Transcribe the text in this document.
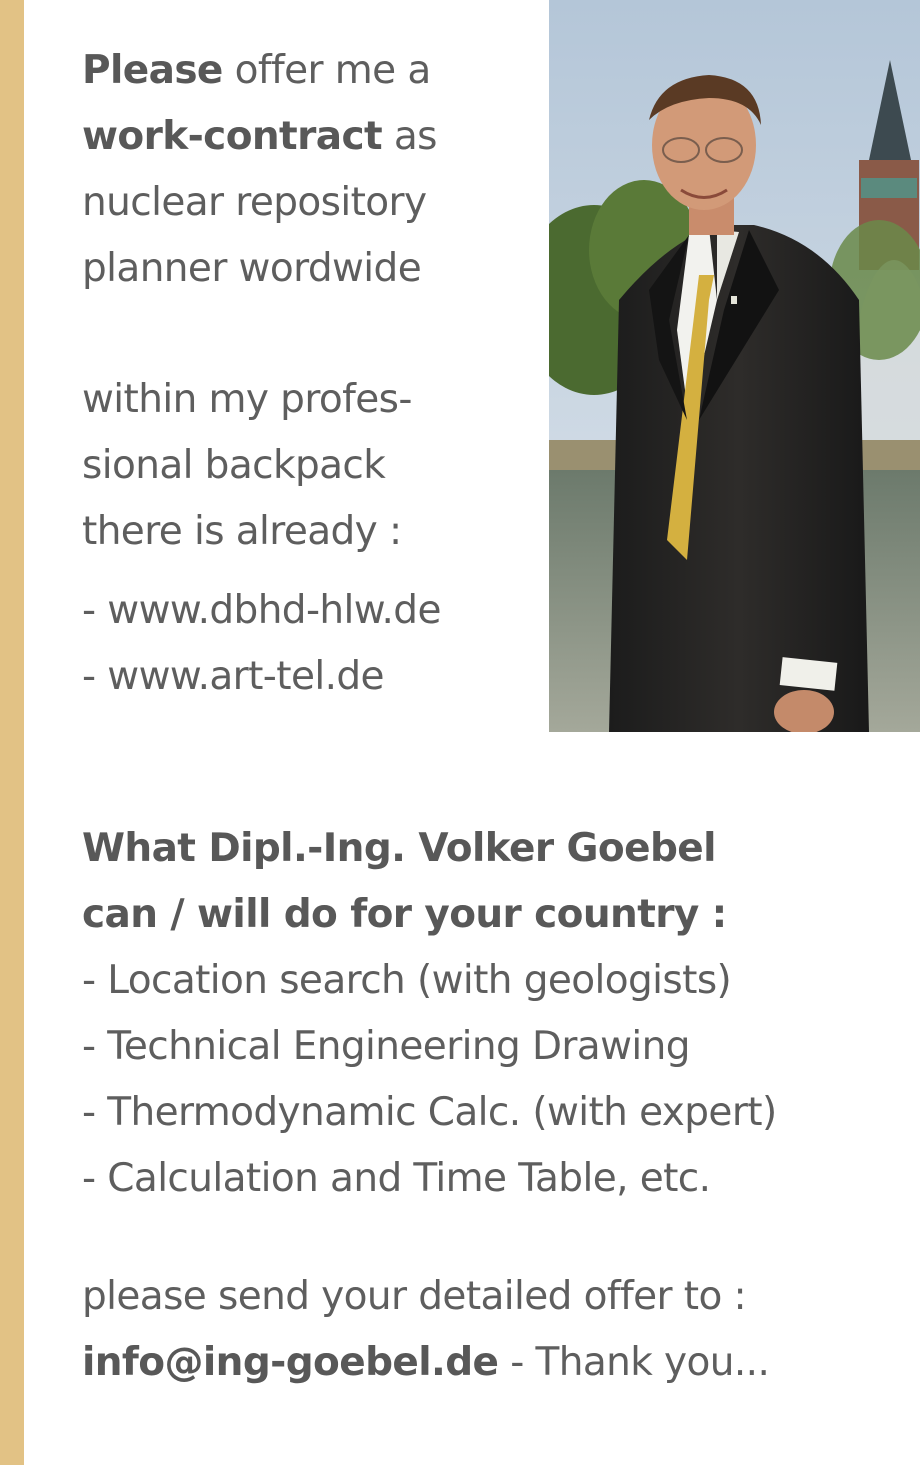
Please offer me a
work-contract as
nuclear repository
planner wordwide
within my profes-
sional backpack
there is already :
- www.dbhd-hlw.de
- www.art-tel.de
What Dipl.-Ing. Volker Goebel
can / will do for your country :
- Location search (with geologists)
- Technical Engineering Drawing
- Thermodynamic Calc. (with expert)
- Calculation and Time Table, etc.
please send your detailed offer to :
info@ing-goebel.de - Thank you...
